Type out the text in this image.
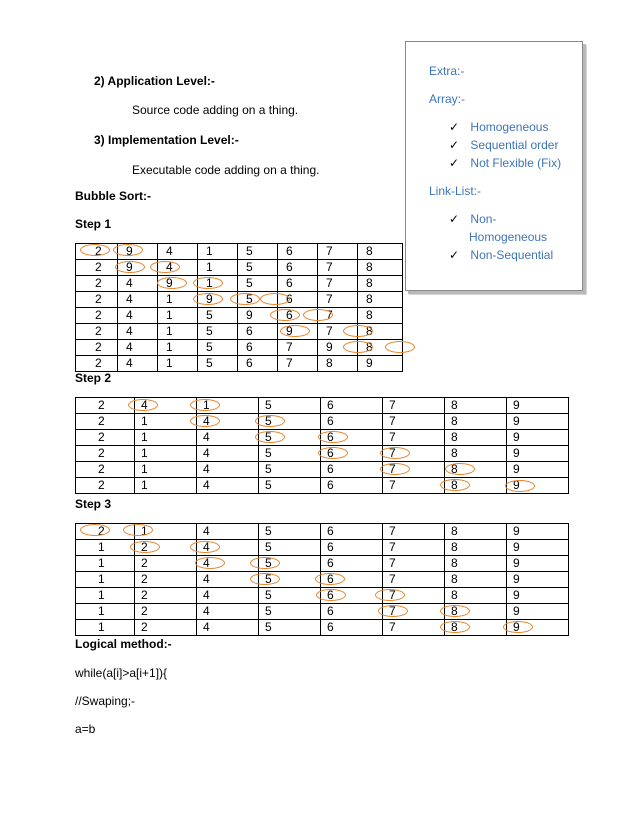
2) Application Level:-
Source code adding on a thing.
3) Implementation Level:-
Executable code adding on a thing.
Bubble Sort:-
Step 1
2	9	4	1	5	6	7	8
2	9	4	1	5	6	7	8
2	4	9	1	5	6	7	8
2	4	1	9	5	6	7	8
2	4	1	5	9	6	7	8
2	4	1	5	6	9	7	8
2	4	1	5	6	7	9	8
2	4	1	5	6	7	8	9
Step 2
2	4	1	5	6	7	8	9
2	1	4	5	6	7	8	9
2	1	4	5	6	7	8	9
2	1	4	5	6	7	8	9
2	1	4	5	6	7	8	9
2	1	4	5	6	7	8	9
Step 3
2	1	4	5	6	7	8	9
1	2	4	5	6	7	8	9
1	2	4	5	6	7	8	9
1	2	4	5	6	7	8	9
1	2	4	5	6	7	8	9
1	2	4	5	6	7	8	9
1	2	4	5	6	7	8	9
Logical method:-
while(a[i]>a[i+1]){
//Swaping;-
a=b
Extra:-
Array:-
✓ Homogeneous
✓ Sequential order
✓ Not Flexible (Fix)
Link-List:-
✓ Non-
Homogeneous
✓ Non-Sequential
